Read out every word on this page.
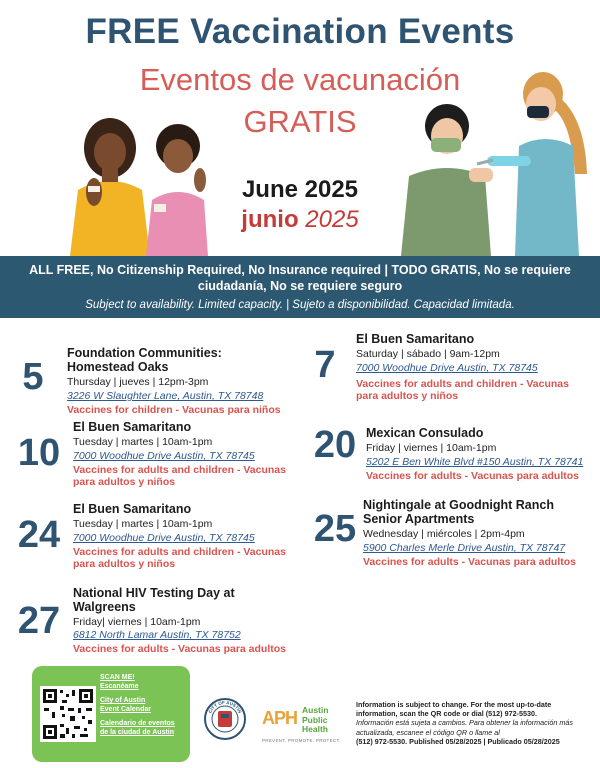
FREE Vaccination Events
Eventos de vacunación
GRATIS
June 2025
junio 2025
ALL FREE, No Citizenship Required, No Insurance required | TODO GRATIS, No se requiere ciudadanía, No se requiere seguro
Subject to availability. Limited capacity. | Sujeto a disponibilidad. Capacidad limitada.
5
Foundation Communities:
Homestead Oaks
Thursday | jueves | 12pm-3pm
3226 W Slaughter Lane, Austin, TX 78748
Vaccines for children - Vacunas para niños
10
El Buen Samaritano
Tuesday | martes | 10am-1pm
7000 Woodhue Drive Austin, TX 78745
Vaccines for adults and children - Vacunas
para adultos y niños
24
El Buen Samaritano
Tuesday | martes | 10am-1pm
7000 Woodhue Drive Austin, TX 78745
Vaccines for adults and children - Vacunas
para adultos y niños
27
National HIV Testing Day at
Walgreens
Friday| viernes | 10am-1pm
6812 North Lamar Austin, TX 78752
Vaccines for adults - Vacunas para adultos
7
El Buen Samaritano
Saturday | sábado | 9am-12pm
7000 Woodhue Drive Austin, TX 78745
Vaccines for adults and children - Vacunas
para adultos y niños
20 Mexican Consulado
Friday | viernes | 10am-1pm
5202 E Ben White Blvd #150 Austin, TX 78741
Vaccines for adults - Vacunas para adultos
25
Nightingale at Goodnight Ranch
Senior Apartments
Wednesday | miércoles | 2pm-4pm
5900 Charles Merle Drive Austin, TX 78747
Vaccines for adults - Vacunas para adultos
SCAN ME!
Escanéame
City of Austin
Event Calendar
Calendario de eventos
de la ciudad de Austin
CITY OF AUSTIN APH Austin
Public
Health
PREVENT. PROMOTE. PROTECT.
Information is subject to change. For the most up-to-date information, scan the QR code or dial (512) 972-5530.
Información está sujeta a cambios. Para obtener la información más actualizada, escanee el código QR o llame al
(512) 972-5530. Published 05/28/2025 | Publicado 05/28/2025
